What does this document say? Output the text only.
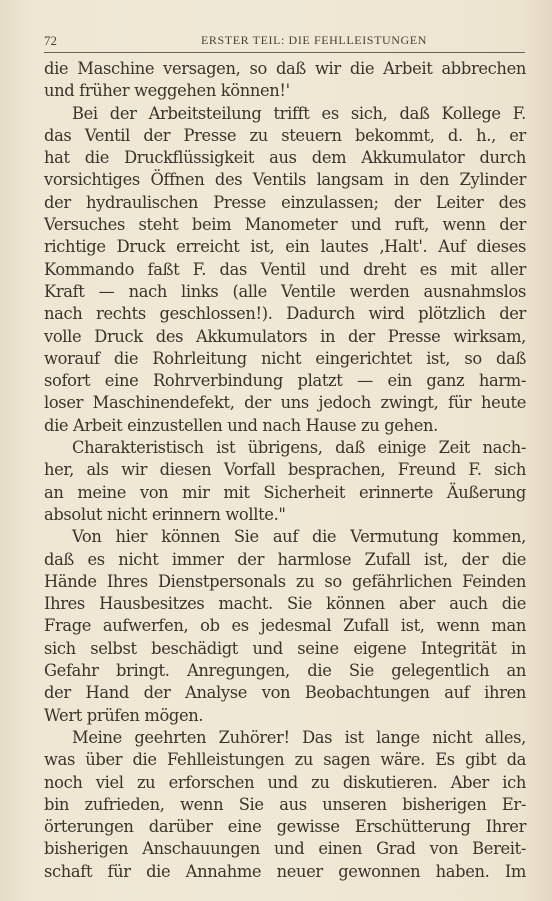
72	ERSTER TEIL: DIE FEHLLEISTUNGEN
die Maschine versagen, so daß wir die Arbeit abbrechen
und früher weggehen können!'
Bei der Arbeitsteilung trifft es sich, daß Kollege F.
das Ventil der Presse zu steuern bekommt, d. h., er
hat die Druckflüssigkeit aus dem Akkumulator durch
vorsichtiges Öffnen des Ventils langsam in den Zylinder
der hydraulischen Presse einzulassen; der Leiter des
Versuches steht beim Manometer und ruft, wenn der
richtige Druck erreicht ist, ein lautes ‚Halt'. Auf dieses
Kommando faßt F. das Ventil und dreht es mit aller
Kraft — nach links (alle Ventile werden ausnahmslos
nach rechts geschlossen!). Dadurch wird plötzlich der
volle Druck des Akkumulators in der Presse wirksam,
worauf die Rohrleitung nicht eingerichtet ist, so daß
sofort eine Rohrverbindung platzt — ein ganz harm-
loser Maschinendefekt, der uns jedoch zwingt, für heute
die Arbeit einzustellen und nach Hause zu gehen.
Charakteristisch ist übrigens, daß einige Zeit nach-
her, als wir diesen Vorfall besprachen, Freund F. sich
an meine von mir mit Sicherheit erinnerte Äußerung
absolut nicht erinnern wollte."
Von hier können Sie auf die Vermutung kommen,
daß es nicht immer der harmlose Zufall ist, der die
Hände Ihres Dienstpersonals zu so gefährlichen Feinden
Ihres Hausbesitzes macht. Sie können aber auch die
Frage aufwerfen, ob es jedesmal Zufall ist, wenn man
sich selbst beschädigt und seine eigene Integrität in
Gefahr bringt. Anregungen, die Sie gelegentlich an
der Hand der Analyse von Beobachtungen auf ihren
Wert prüfen mögen.
Meine geehrten Zuhörer! Das ist lange nicht alles,
was über die Fehlleistungen zu sagen wäre. Es gibt da
noch viel zu erforschen und zu diskutieren. Aber ich
bin zufrieden, wenn Sie aus unseren bisherigen Er-
örterungen darüber eine gewisse Erschütterung Ihrer
bisherigen Anschauungen und einen Grad von Bereit-
schaft für die Annahme neuer gewonnen haben. Im
